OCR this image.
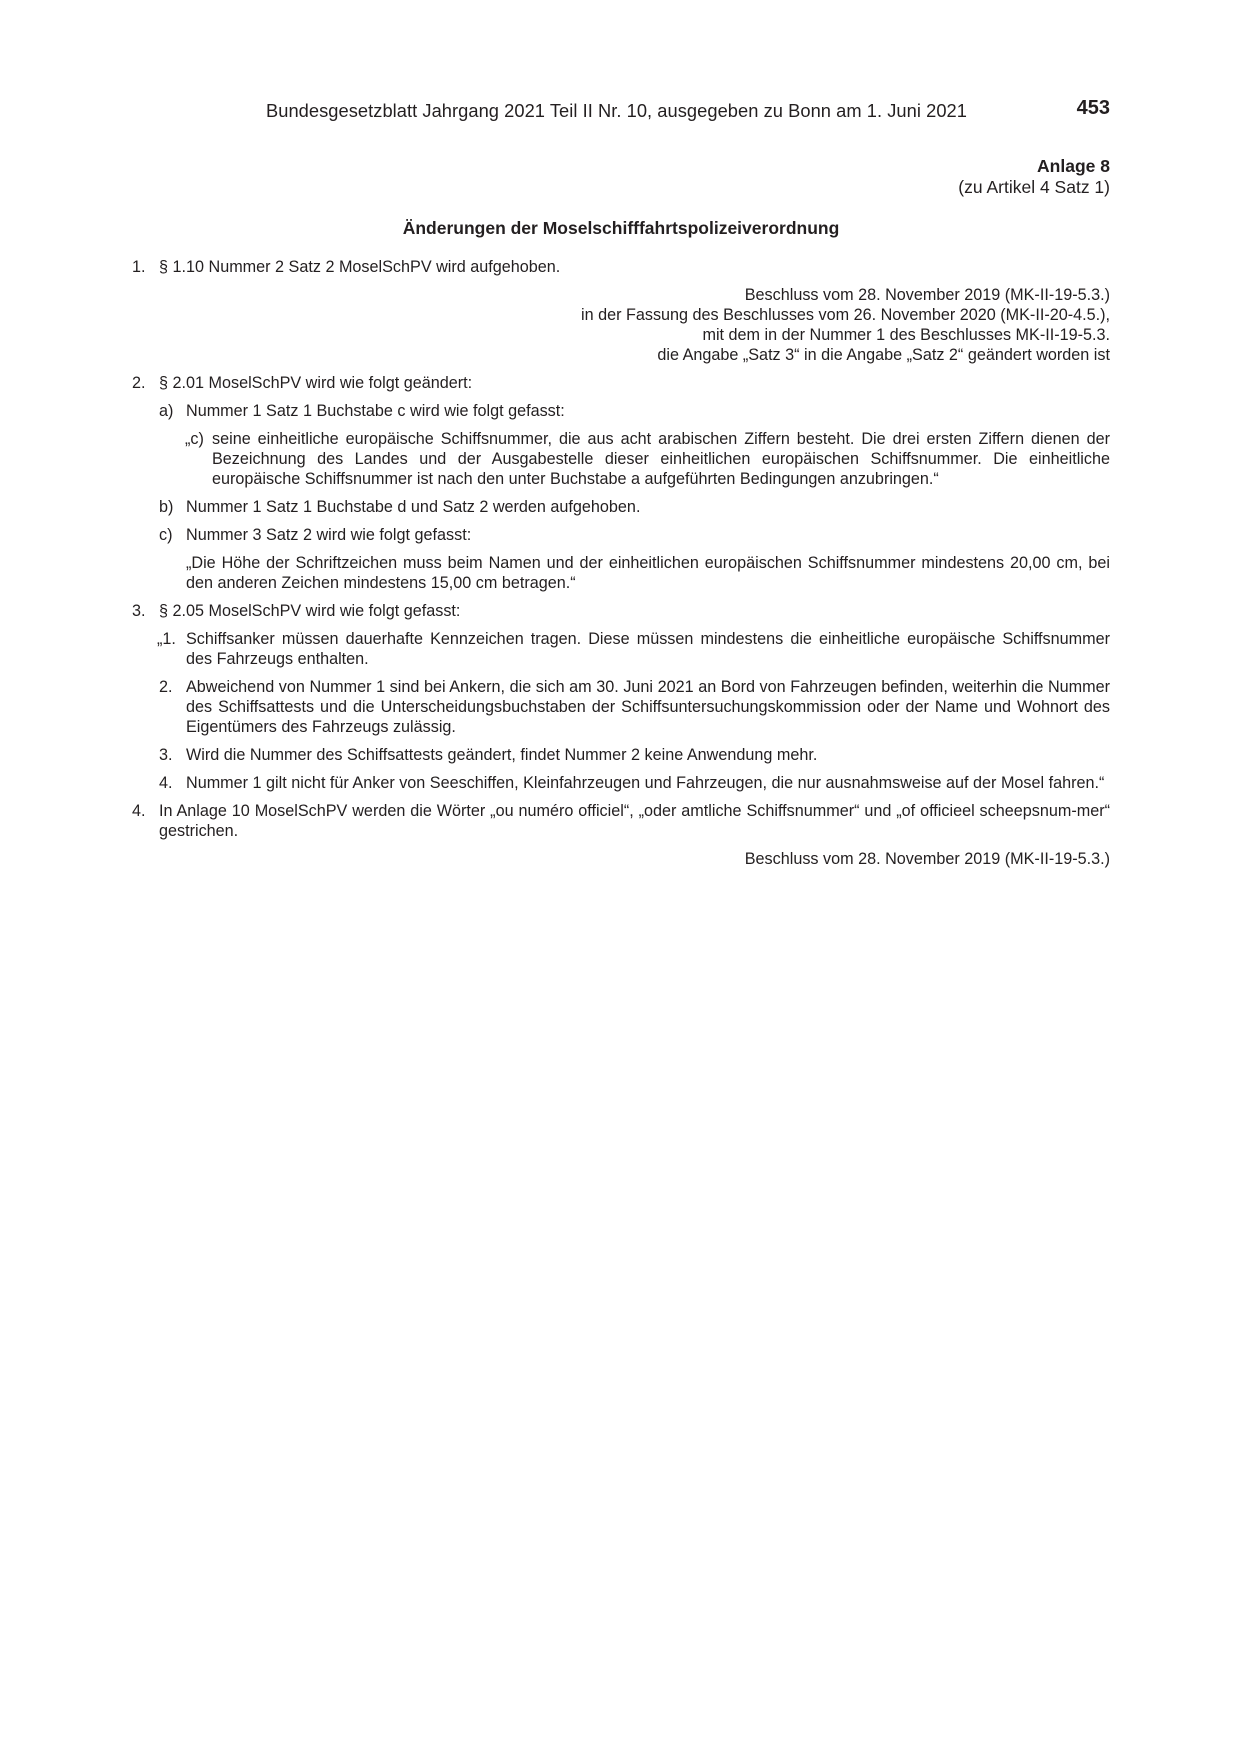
Bundesgesetzblatt Jahrgang 2021 Teil II Nr. 10, ausgegeben zu Bonn am 1. Juni 2021	453
Anlage 8
(zu Artikel 4 Satz 1)
Änderungen der Moselschifffahrtspolizeiverordnung
1. § 1.10 Nummer 2 Satz 2 MoselSchPV wird aufgehoben.
Beschluss vom 28. November 2019 (MK-II-19-5.3.)
in der Fassung des Beschlusses vom 26. November 2020 (MK-II-20-4.5.),
mit dem in der Nummer 1 des Beschlusses MK-II-19-5.3.
die Angabe „Satz 3“ in die Angabe „Satz 2“ geändert worden ist
2. § 2.01 MoselSchPV wird wie folgt geändert:
a) Nummer 1 Satz 1 Buchstabe c wird wie folgt gefasst:
„c) seine einheitliche europäische Schiffsnummer, die aus acht arabischen Ziffern besteht. Die drei ersten Ziffern dienen der Bezeichnung des Landes und der Ausgabestelle dieser einheitlichen europäischen Schiffsnummer. Die einheitliche europäische Schiffsnummer ist nach den unter Buchstabe a aufgeführten Bedingungen anzubringen.“
b) Nummer 1 Satz 1 Buchstabe d und Satz 2 werden aufgehoben.
c) Nummer 3 Satz 2 wird wie folgt gefasst:
„Die Höhe der Schriftzeichen muss beim Namen und der einheitlichen europäischen Schiffsnummer mindestens 20,00 cm, bei den anderen Zeichen mindestens 15,00 cm betragen.“
3. § 2.05 MoselSchPV wird wie folgt gefasst:
„1. Schiffsanker müssen dauerhafte Kennzeichen tragen. Diese müssen mindestens die einheitliche europäische Schiffsnummer des Fahrzeugs enthalten.
2. Abweichend von Nummer 1 sind bei Ankern, die sich am 30. Juni 2021 an Bord von Fahrzeugen befinden, weiterhin die Nummer des Schiffsattests und die Unterscheidungsbuchstaben der Schiffsuntersuchungskommission oder der Name und Wohnort des Eigentümers des Fahrzeugs zulässig.
3. Wird die Nummer des Schiffsattests geändert, findet Nummer 2 keine Anwendung mehr.
4. Nummer 1 gilt nicht für Anker von Seeschiffen, Kleinfahrzeugen und Fahrzeugen, die nur ausnahmsweise auf der Mosel fahren.“
4. In Anlage 10 MoselSchPV werden die Wörter „ou numéro officiel“, „oder amtliche Schiffsnummer“ und „of officieel scheepsnum-mer“ gestrichen.
Beschluss vom 28. November 2019 (MK-II-19-5.3.)
